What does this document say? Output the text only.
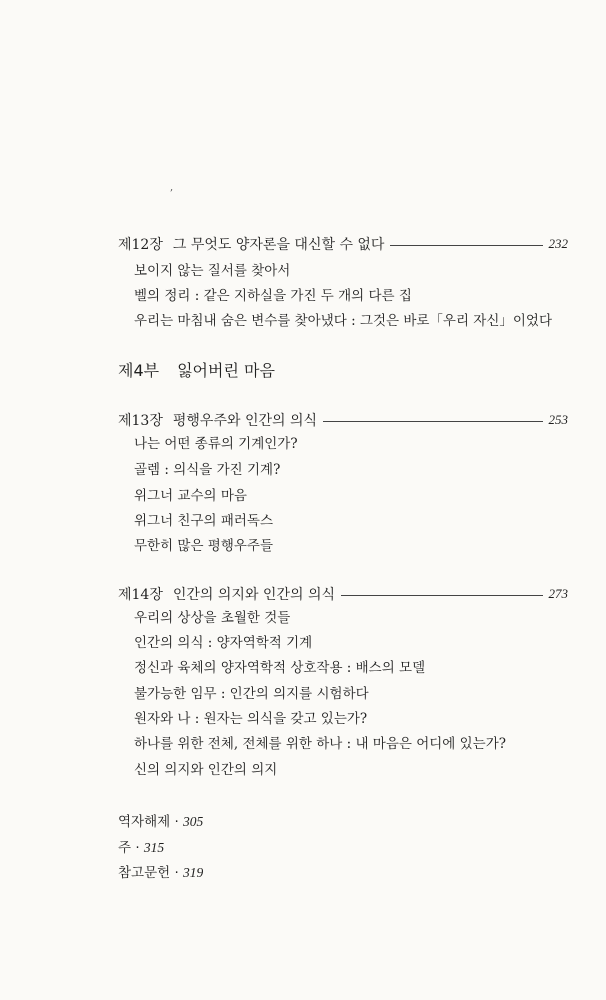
,
제12장 그 무엇도 양자론을 대신할 수 없다	232
보이지 않는 질서를 찾아서
벨의 정리 : 같은 지하실을 가진 두 개의 다른 집
우리는 마침내 숨은 변수를 찾아냈다 : 그것은 바로「우리 자신」이었다
제4부 잃어버린 마음
제13장 평행우주와 인간의 의식	253
나는 어떤 종류의 기계인가?
골렘 : 의식을 가진 기계?
위그너 교수의 마음
위그너 친구의 패러독스
무한히 많은 평행우주들
제14장 인간의 의지와 인간의 의식	273
우리의 상상을 초월한 것들
인간의 의식 : 양자역학적 기계
정신과 육체의 양자역학적 상호작용 : 배스의 모델
불가능한 임무 : 인간의 의지를 시험하다
원자와 나 : 원자는 의식을 갖고 있는가?
하나를 위한 전체, 전체를 위한 하나 : 내 마음은 어디에 있는가?
신의 의지와 인간의 의지
역자해제 · 305
주 · 315
참고문헌 · 319
